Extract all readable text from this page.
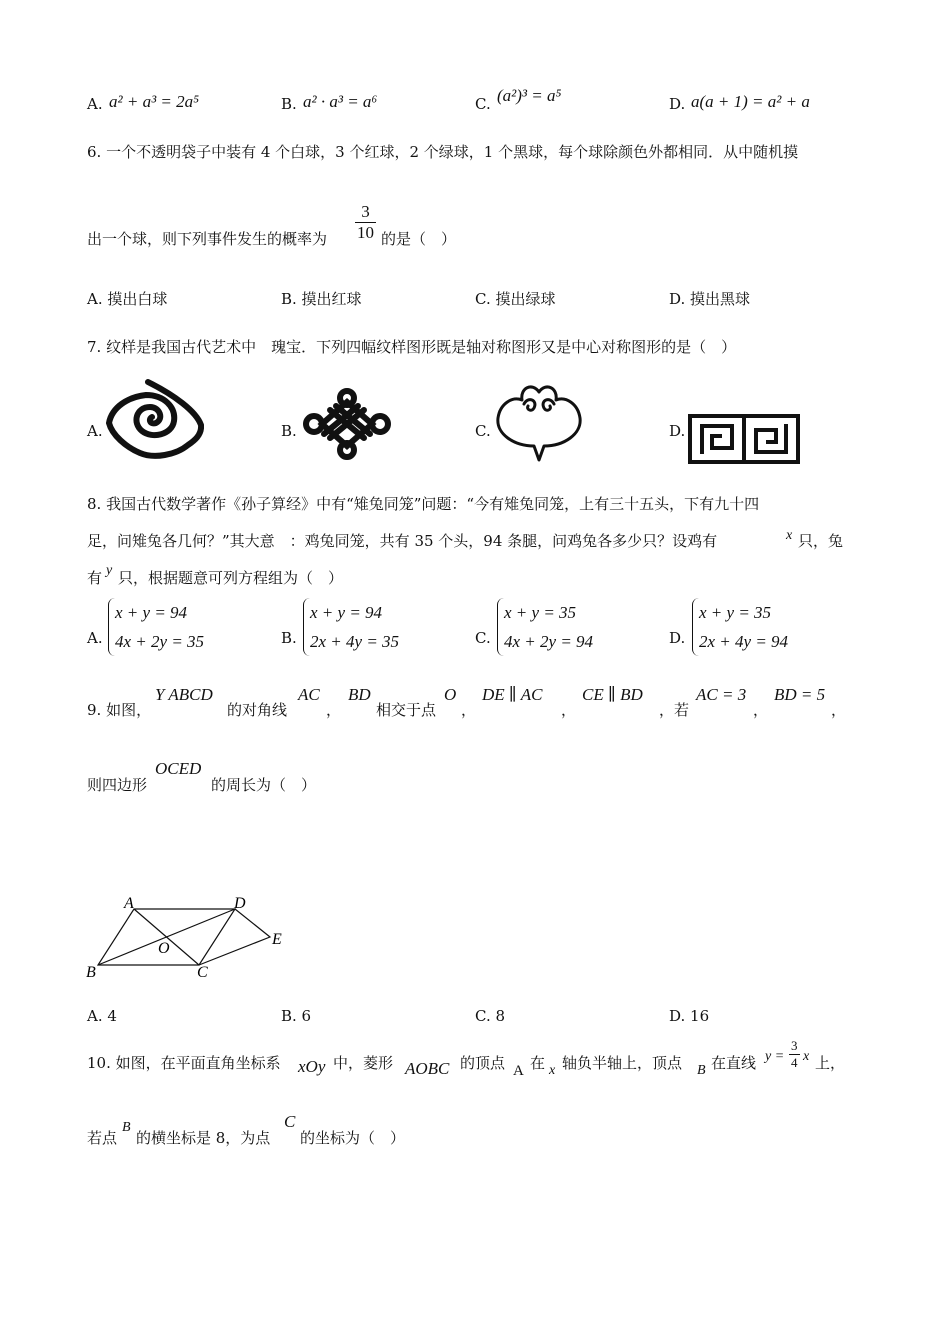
A. a² + a³ = 2a⁵	B. a² · a³ = a⁶	C. (a²)³ = a⁵	D. a(a + 1) = a² + a
6. 一个不透明袋子中装有 4 个白球，3 个红球，2 个绿球，1 个黑球，每个球除颜色外都相同．从中随机摸
出一个球，则下列事件发生的概率为 $\frac{3}{10}$ 的是（　）
A. 摸出白球	B. 摸出红球	C. 摸出绿球	D. 摸出黑球
7. 纹样是我国古代艺术中　瑰宝．下列四幅纹样图形既是轴对称图形又是中心对称图形的是（　）
A.	B.	C.	D.
8. 我国古代数学著作《孙子算经》中有“雉兔同笼”问题：“今有雉兔同笼，上有三十五头，下有九十四
足，问雉兔各几何？”其大意　：鸡兔同笼，共有 35 个头，94 条腿，问鸡兔各多少只？设鸡有	x 只，兔
有 y 只，根据题意可列方程组为（　）
A.
x + y = 94
4x + 2y = 35	B.
x + y = 94
2x + 4y = 35	C.
x + y = 35
4x + 2y = 94	D.
x + y = 35
2x + 4y = 94
9. 如图，
Y ABCD
的对角线
AC
，
BD
相交于点
O
，
DE ∥ AC
，
CE ∥ BD
，若
AC = 3
，
BD = 5
，
则四边形
OCED
的周长为（　）
A	D
O
E
B	C
A. 4	B. 6	C. 8	D. 16
10. 如图，在平面直角坐标系 xOy 中，菱形 AOBC 的顶点 A 在 x 轴负半轴上，顶点 B 在直线 $y = \frac{3}{4}$ x 上，
若点
B
的横坐标是 8，为点
C
的坐标为（　）
